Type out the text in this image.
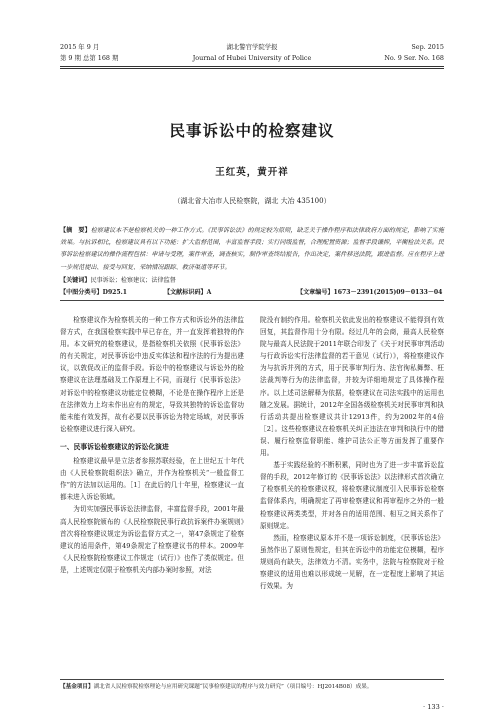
2015 年 9 月
第 9 期 总第 168 期
湖北警官学院学报
Journal of Hubei University of Police
Sep. 2015
No. 9 Ser. No. 168
民事诉讼中的检察建议
王红英，黄开祥
（湖北省大冶市人民检察院，湖北 大冶 435100）
【摘　要】检察建议本不是检察机关的一种工作方式。《民事诉讼法》的规定较为原则，缺乏关于操作程序和法律政府方面的规定，影响了实施效果。与抗诉相比，检察建议具有以下功能：扩大监督范围，丰富监督手段；实行同级监督，合理配置资源；监督手段谦抑，平衡检法关系。民事诉讼检察建议的操作流程包括：申请与受理，案件审查，调查核实，制作审查终结报告，作出决定，案件移送法院，跟进监督。应在程序上进一步规范提出、接受与回复、采纳情况跟踪、救济渠道等环节。
【关键词】民事诉讼；检察建议；法律监督
【中图分类号】D925.1	【文献标识码】A	【文章编号】1673－2391(2015)09－0133－04

检察建议作为检察机关的一种工作方式和诉讼外的法律监督方式，在我国检察实践中早已存在，并一直发挥着独特的作用。本文研究的检察建议，是指检察机关依照《民事诉讼法》的有关规定，对民事诉讼中违反实体法和程序法的行为提出建议，以敦促改正的监督手段。诉讼中的检察建议与诉讼外的检察建议在法理基础及工作原理上不同，而现行《民事诉讼法》对诉讼中的检察建议功能定位模糊，不论是在操作程序上还是在法律效力上均未作出应有的规定，导致其独特的诉讼监督功能未能有效发挥，故有必要以民事诉讼为特定场域，对民事诉讼检察建议进行深入研究。

一、民事诉讼检察建议的诉讼化演进

检察建议最早是立法者参照苏联经验，在上世纪五十年代由《人民检察院组织法》确立，并作为检察机关“一般监督工作”的方法加以运用的。［1］在此后的几十年里，检察建议一直都未进入诉讼领域。

为切实加强民事诉讼法律监督，丰富监督手段，2001年最高人民检察院颁布的《人民检察院民事行政抗诉案件办案规则》首次将检察建议规定为诉讼监督方式之一，第47条规定了检察建议的适用条件，第49条规定了检察建议书的样本。2009年《人民检察院检察建议工作规定（试行）》也作了类似规定。但是，上述规定仅限于检察机关内部办案时参照，对法

院没有制约作用。检察机关依此发出的检察建议不能得到有效回复，其监督作用十分有限。经过几年的会商，最高人民检察院与最高人民法院于2011年联合印发了《关于对民事审判活动与行政诉讼实行法律监督的若干意见（试行）》，将检察建议作为与抗诉并列的方式，用于民事审判行为、法官徇私舞弊、枉法裁判等行为的法律监督，并较为详细地规定了具体操作程序。以上述司法解释为依据，检察建议在司法实践中的运用也随之发展。据统计，2012年全国各级检察机关对民事审判和执行活动共提出检察建议共计12913件，约为2002年的4倍［2］。这些检察建议在检察机关纠正违法在审判和执行中的错误、履行检察监督职能、维护司法公正等方面发挥了重要作用。

基于实践经验的不断积累，同时也为了进一步丰富诉讼监督的手段，2012年修订的《民事诉讼法》以法律形式首次确立了检察机关的检察建议权，将检察建议制度引入民事诉讼检察监督体系内，明确规定了再审检察建议和再审程序之外的一般检察建议两类类型，并对各自的适用范围、相互之间关系作了原则规定。

然而，检察建议原本并不是一项诉讼制度，《民事诉讼法》虽然作出了原则性规定，但其在诉讼中的功能定位模糊，程序规则尚有缺失，法律效力不清。实务中，法院与检察院对于检察建议的适用也难以形成统一见解，在一定程度上影响了其运行效果。为

【基金项目】湖北省人民检察院检察理论与应用研究课题“民事检察建议的程序与效力研究”（项目编号：HJ2014B08）成果。
· 133 ·
